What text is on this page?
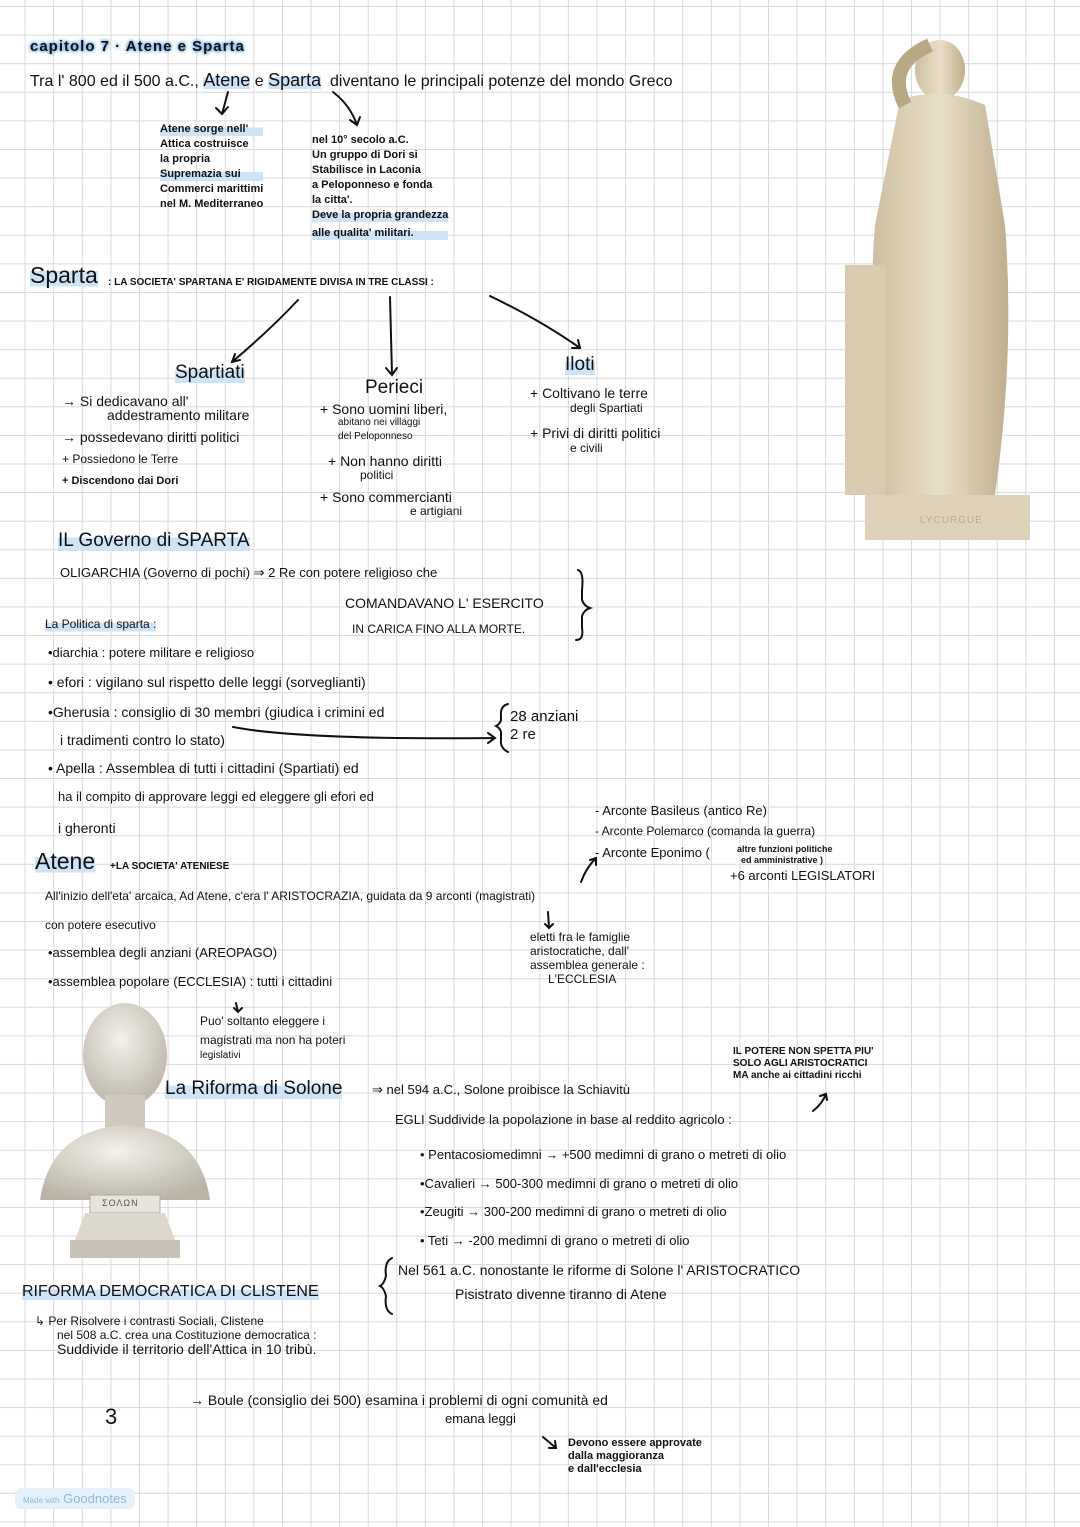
capitolo 7 · Atene e Sparta
Tra l' 800 ed il 500 a.C., Atene e Sparta diventano le principali potenze del mondo Greco
Atene sorge nell'
Attica costruisce
la propria
Supremazia sui
Commerci marittimi
nel M. Mediterraneo
nel 10° secolo a.C.
Un gruppo di Dori si
Stabilisce in Laconia
a Peloponneso e fonda
la citta'.
Deve la propria grandezza
alle qualita' militari.
Sparta : LA SOCIETA' SPARTANA E' RIGIDAMENTE DIVISA IN TRE CLASSI :
Spartiati
→ Si dedicavano all'
addestramento militare
→ possedevano diritti politici
+ Possiedono le Terre
+ Discendono dai Dori
Perieci
+ Sono uomini liberi,
abitano nei villaggi
del Peloponneso
+ Non hanno diritti
politici
+ Sono commercianti
e artigiani
Iloti
+ Coltivano le terre
degli Spartiati
+ Privi di diritti politici
e civili
IL Governo di SPARTA
OLIGARCHIA (Governo di pochi) ⇒ 2 Re con potere religioso che
COMANDAVANO L' ESERCITO
IN CARICA FINO ALLA MORTE.
La Politica di sparta :
•diarchia : potere militare e religioso
• efori : vigilano sul rispetto delle leggi (sorveglianti)
•Gherusia : consiglio di 30 membri (giudica i crimini ed
i tradimenti contro lo stato)
28 anziani
2 re
• Apella : Assemblea di tutti i cittadini (Spartiati) ed
ha il compito di approvare leggi ed eleggere gli efori ed
i gheronti
- Arconte Basileus (antico Re)
- Arconte Polemarco (comanda la guerra)
- Arconte Eponimo (	altre funzioni politiche
ed amministrative )
+6 arconti LEGISLATORI
Atene +LA SOCIETA' ATENIESE
All'inizio dell'eta' arcaica, Ad Atene, c'era l' ARISTOCRAZIA, guidata da 9 arconti (magistrati)
con potere esecutivo
•assemblea degli anziani (AREOPAGO)
•assemblea popolare (ECCLESIA) : tutti i cittadini
eletti fra le famiglie
aristocratiche, dall'
assemblea generale :
L'ECCLESIA
Puo' soltanto eleggere i
magistrati ma non ha poteri
legislativi
ΣΟΛΩΝ
La Riforma di Solone ⇒ nel 594 a.C., Solone proibisce la Schiavitù
IL POTERE NON SPETTA PIU'
SOLO AGLI ARISTOCRATICI
MA anche ai cittadini ricchi
EGLI Suddivide la popolazione in base al reddito agricolo :
• Pentacosiomedimni → +500 medimni di grano o metreti di olio
•Cavalieri → 500-300 medimni di grano o metreti di olio
•Zeugiti → 300-200 medimni di grano o metreti di olio
• Teti → -200 medimni di grano o metreti di olio
Nel 561 a.C. nonostante le riforme di Solone l' ARISTOCRATICO
Pisistrato divenne tiranno di Atene
RIFORMA DEMOCRATICA DI CLISTENE
↳ Per Risolvere i contrasti Sociali, Clistene
nel 508 a.C. crea una Costituzione democratica :
Suddivide il territorio dell'Attica in 10 tribù.
3
→ Boule (consiglio dei 500) esamina i problemi di ogni comunità ed
emana leggi
Devono essere approvate
dalla maggioranza
e dall'ecclesia
LYCURGUE
Made with Goodnotes
